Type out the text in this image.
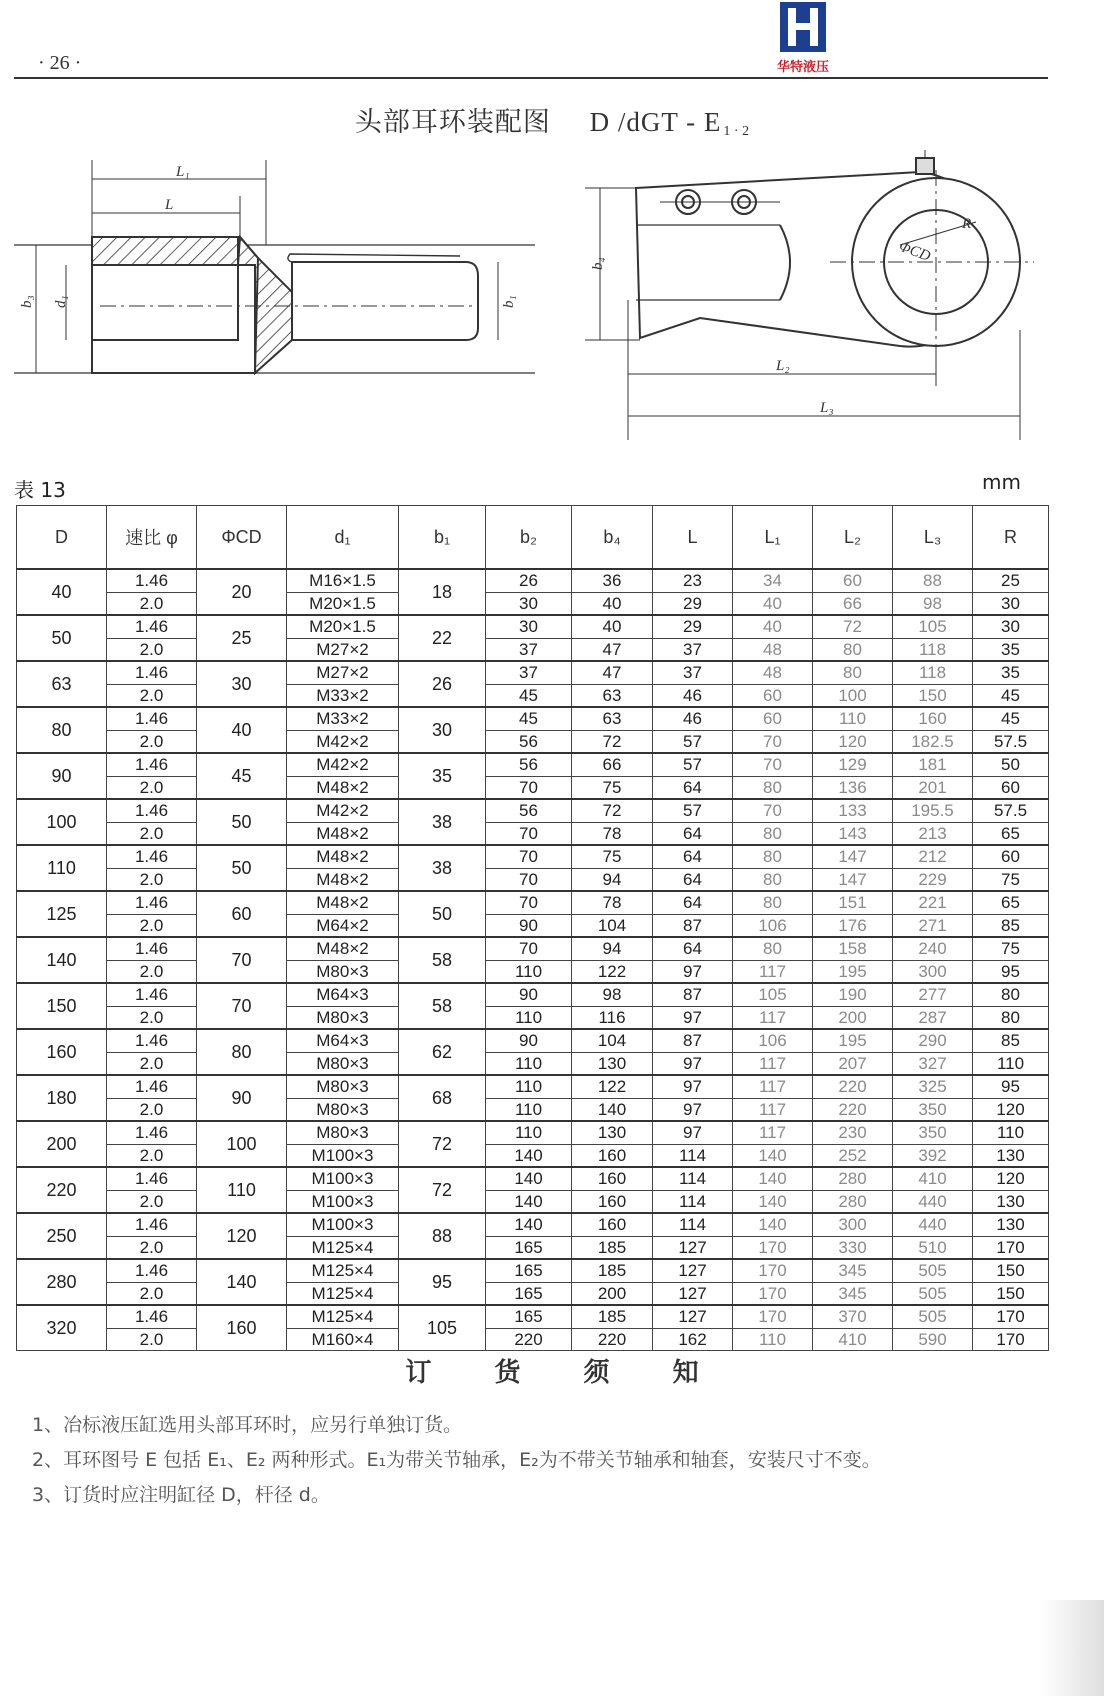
· 26 ·	华特液压
头部耳环装配图 D /dGT - E $_{1 \cdot 2}$
L₁
L
b₃ d₁	b₁
b₄	ΦCD
R
L₂
L₃
表 13	mm
D	速比 φ	ΦCD	d₁	b₁	b₂	b₄	L	L₁	L₂	L₃	R
40	1.46	20	M16×1.5	18	26	36	23	34	60	88	25
	2.0		M20×1.5		30	40	29	40	66	98	30
50	1.46	25	M20×1.5	22	30	40	29	40	72	105	30
	2.0		M27×2		37	47	37	48	80	118	35
63	1.46	30	M27×2	26	37	47	37	48	80	118	35
	2.0		M33×2		45	63	46	60	100	150	45
80	1.46	40	M33×2	30	45	63	46	60	110	160	45
	2.0		M42×2		56	72	57	70	120	182.5	57.5
90	1.46	45	M42×2	35	56	66	57	70	129	181	50
	2.0		M48×2		70	75	64	80	136	201	60
100	1.46	50	M42×2	38	56	72	57	70	133	195.5	57.5
	2.0		M48×2		70	78	64	80	143	213	65
110	1.46	50	M48×2	38	70	75	64	80	147	212	60
	2.0		M48×2		70	94	64	80	147	229	75
125	1.46	60	M48×2	50	70	78	64	80	151	221	65
	2.0		M64×2		90	104	87	106	176	271	85
140	1.46	70	M48×2	58	70	94	64	80	158	240	75
	2.0		M80×3		110	122	97	117	195	300	95
150	1.46	70	M64×3	58	90	98	87	105	190	277	80
	2.0		M80×3		110	116	97	117	200	287	80
160	1.46	80	M64×3	62	90	104	87	106	195	290	85
	2.0		M80×3		110	130	97	117	207	327	110
180	1.46	90	M80×3	68	110	122	97	117	220	325	95
	2.0		M80×3		110	140	97	117	220	350	120
200	1.46	100	M80×3	72	110	130	97	117	230	350	110
	2.0		M100×3		140	160	114	140	252	392	130
220	1.46	110	M100×3	72	140	160	114	140	280	410	120
	2.0		M100×3		140	160	114	140	280	440	130
250	1.46	120	M100×3	88	140	160	114	140	300	440	130
	2.0		M125×4		165	185	127	170	330	510	170
280	1.46	140	M125×4	95	165	185	127	170	345	505	150
	2.0		M125×4		165	200	127	170	345	505	150
320	1.46	160	M125×4	105	165	185	127	170	370	505	170
	2.0		M160×4		220	220	162	110	410	590	170
订 货 须 知
1、冶标液压缸选用头部耳环时，应另行单独订货。
2、耳环图号 E 包括 E₁、E₂ 两种形式。E₁为带关节轴承，E₂为不带关节轴承和轴套，安装尺寸不变。
3、订货时应注明缸径 D，杆径 d。
